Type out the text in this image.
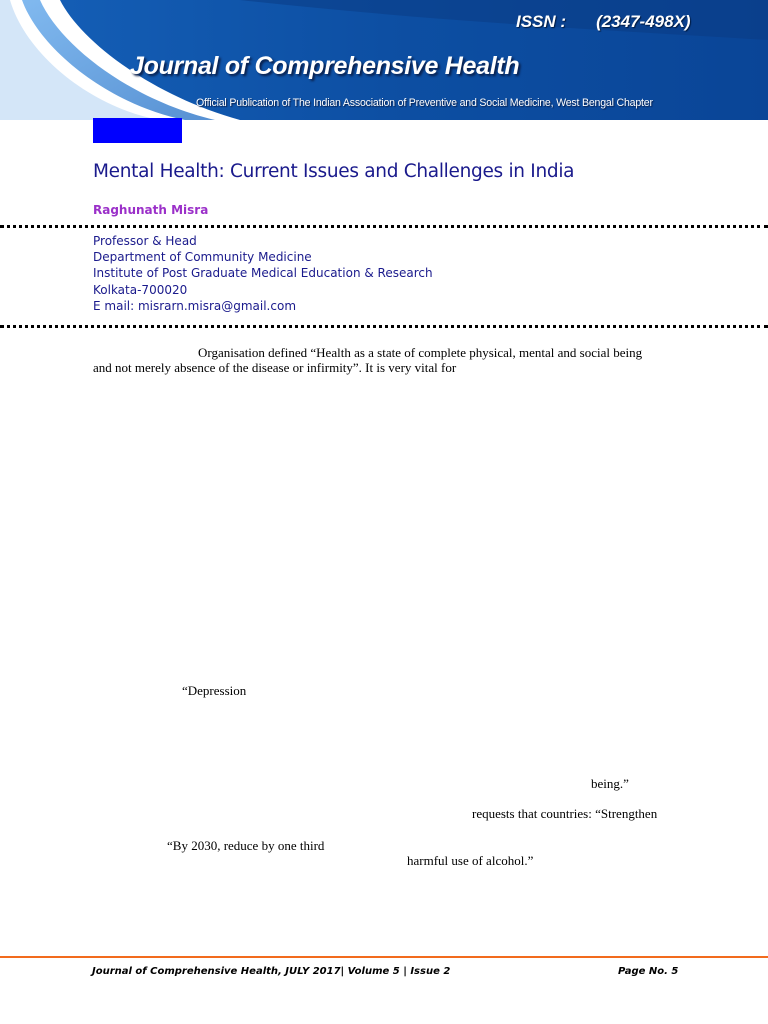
ISSN : (2347-498X)
Journal of Comprehensive Health
Official Publication of The Indian Association of Preventive and Social Medicine, West Bengal Chapter
Mental Health: Current Issues and Challenges in India

Raghunath Misra

Professor & Head
Department of Community Medicine
Institute of Post Graduate Medical Education & Research
Kolkata-700020
E mail: misrarn.misra@gmail.com

Organisation defined “Health as a state of complete physical, mental and social being

and not merely absence of the disease or infirmity”. It is very vital for

“Depression

being.”

requests that countries: “Strengthen

“By 2030, reduce by one third

harmful use of alcohol.”

Journal of Comprehensive Health, JULY 2017| Volume 5 | Issue 2	Page No. 5
